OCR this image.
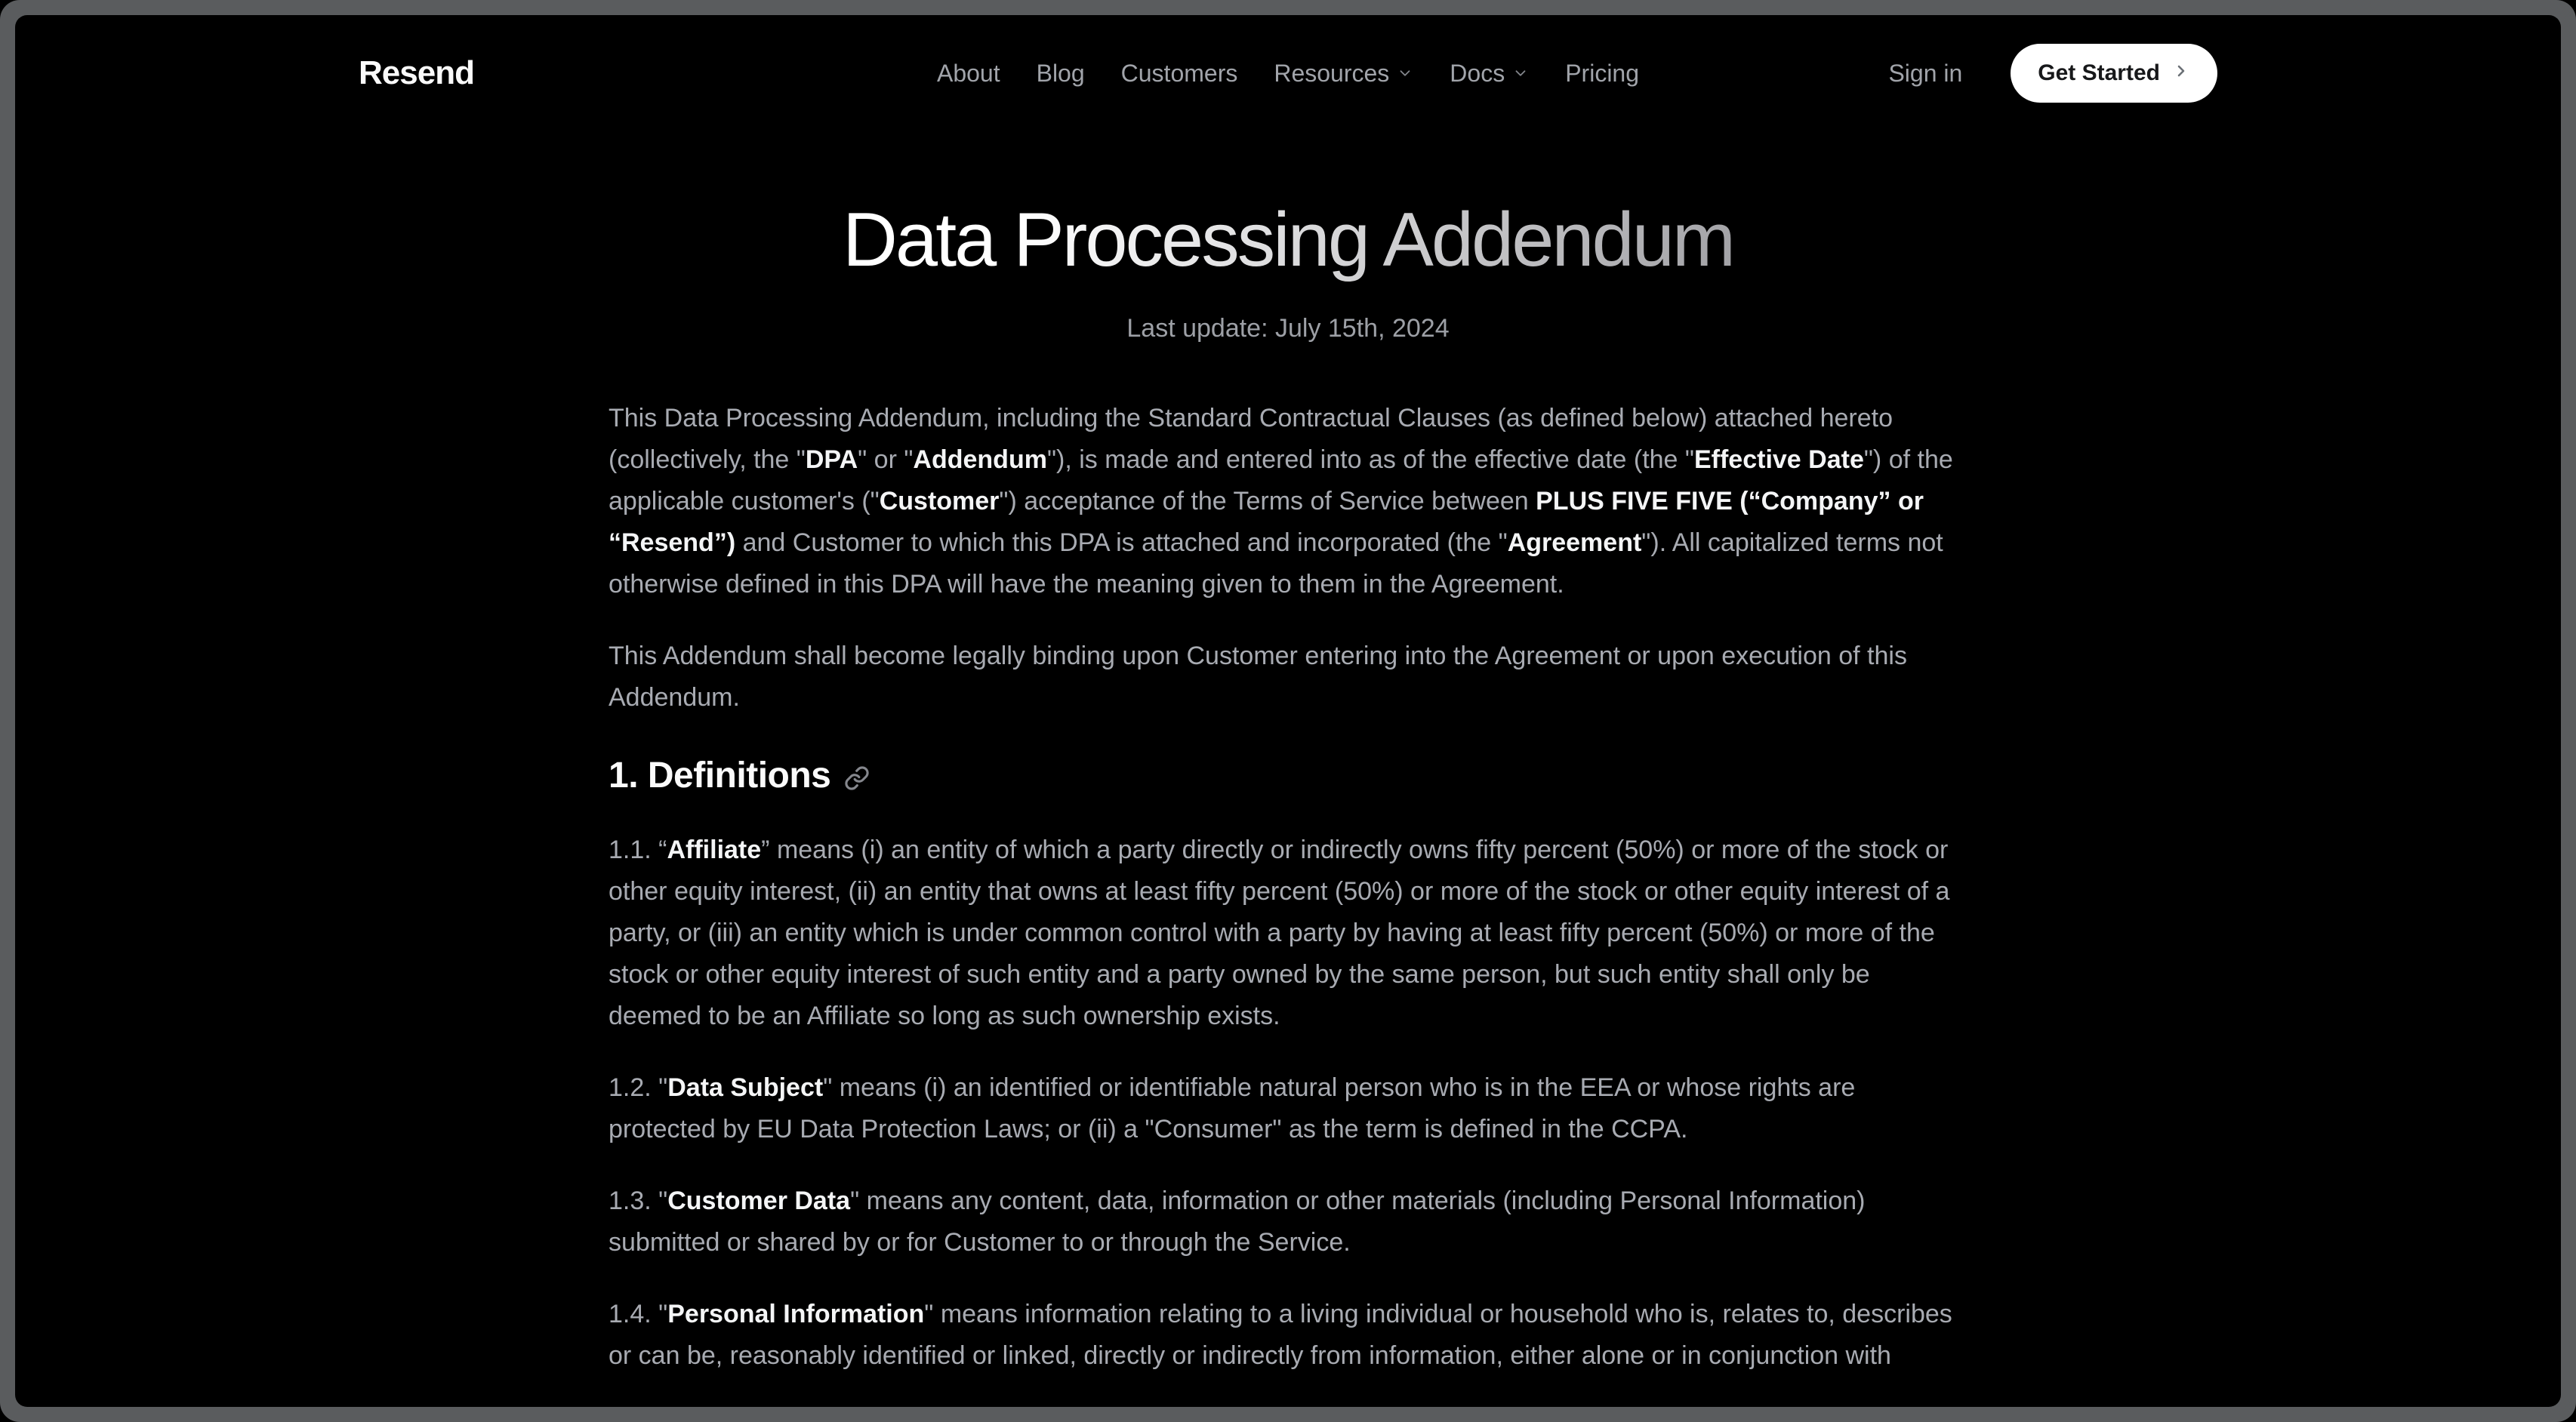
Resend	About Blog Customers Resources	Docs	Pricing	Sign in	Get Started
Data Processing Addendum

Last update: July 15th, 2024

This Data Processing Addendum, including the Standard Contractual Clauses (as defined below) attached hereto (collectively, the "DPA" or "Addendum"), is made and entered into as of the effective date (the "Effective Date") of the applicable customer's ("Customer") acceptance of the Terms of Service between PLUS FIVE FIVE (“Company” or “Resend”) and Customer to which this DPA is attached and incorporated (the "Agreement"). All capitalized terms not otherwise defined in this DPA will have the meaning given to them in the Agreement.

This Addendum shall become legally binding upon Customer entering into the Agreement or upon execution of this Addendum.

1. Definitions

1.1. “Affiliate” means (i) an entity of which a party directly or indirectly owns fifty percent (50%) or more of the stock or other equity interest, (ii) an entity that owns at least fifty percent (50%) or more of the stock or other equity interest of a party, or (iii) an entity which is under common control with a party by having at least fifty percent (50%) or more of the stock or other equity interest of such entity and a party owned by the same person, but such entity shall only be deemed to be an Affiliate so long as such ownership exists.

1.2. "Data Subject" means (i) an identified or identifiable natural person who is in the EEA or whose rights are protected by EU Data Protection Laws; or (ii) a "Consumer" as the term is defined in the CCPA.

1.3. "Customer Data" means any content, data, information or other materials (including Personal Information) submitted or shared by or for Customer to or through the Service.

1.4. "Personal Information" means information relating to a living individual or household who is, relates to, describes or can be, reasonably identified or linked, directly or indirectly from information, either alone or in conjunction with
